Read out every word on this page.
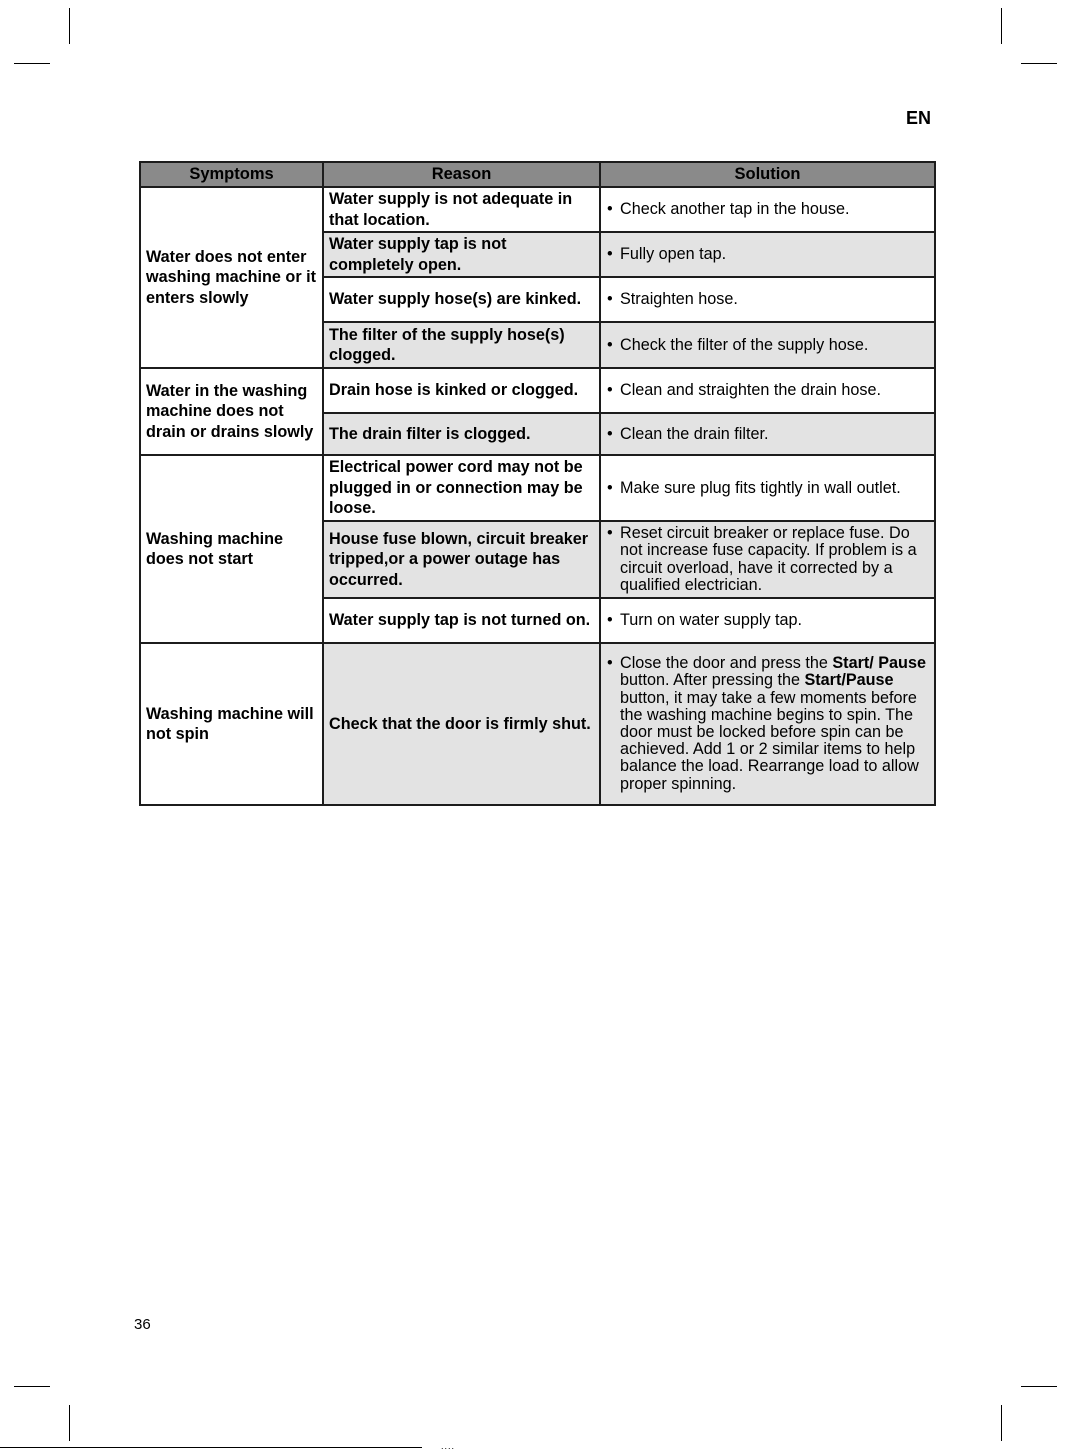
EN
Symptoms	Reason	Solution
Water does not enter washing machine or it enters slowly	Water supply is not adequate in that location.	• Check another tap in the house.

	Water supply tap is not completely open.	• Fully open tap.

	Water supply hose(s) are kinked.	• Straighten hose.

	The filter of the supply hose(s) clogged.	• Check the filter of the supply hose.

Water in the washing machine does not drain or drains slowly	Drain hose is kinked or clogged.	• Clean and straighten the drain hose.

	The drain filter is clogged.	• Clean the drain filter.

Washing machine does not start	Electrical power cord may not be plugged in or connection may be loose.	• Make sure plug fits tightly in wall outlet.

	House fuse blown, circuit breaker tripped,or a power outage has occurred.	• Reset circuit breaker or replace fuse. Do not increase fuse capacity. If problem is a circuit overload, have it corrected by a qualified electrician.

	Water supply tap is not turned on.	• Turn on water supply tap.

Washing machine will not spin	Check that the door is firmly shut.	• Close the door and press the Start/ Pause button. After pressing the Start/Pause button, it may take a few moments before the washing machine begins to spin. The door must be locked before spin can be achieved. Add 1 or 2 similar items to help balance the load. Rearrange load to allow proper spinning.
36
....
